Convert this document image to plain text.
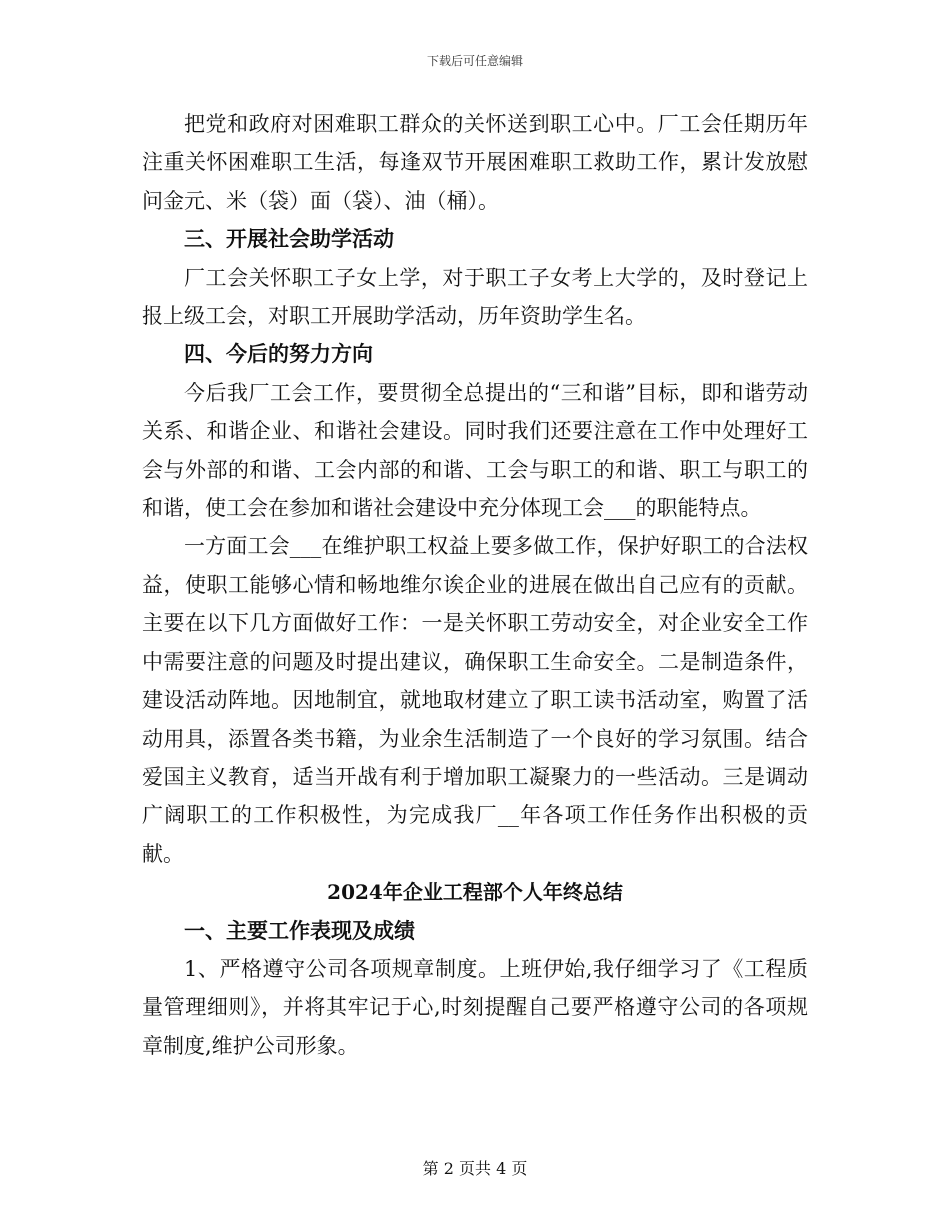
下载后可任意编辑

把党和政府对困难职工群众的关怀送到职工心中。厂工会任期历年注重关怀困难职工生活，每逢双节开展困难职工救助工作，累计发放慰问金元、米（袋）面（袋）、油（桶）。

三、开展社会助学活动

厂工会关怀职工子女上学，对于职工子女考上大学的，及时登记上报上级工会，对职工开展助学活动，历年资助学生名。

四、今后的努力方向

今后我厂工会工作，要贯彻全总提出的“三和谐”目标，即和谐劳动关系、和谐企业、和谐社会建设。同时我们还要注意在工作中处理好工会与外部的和谐、工会内部的和谐、工会与职工的和谐、职工与职工的和谐，使工会在参加和谐社会建设中充分体现工会___的职能特点。

一方面工会___在维护职工权益上要多做工作，保护好职工的合法权益，使职工能够心情和畅地维尔诶企业的进展在做出自己应有的贡献。主要在以下几方面做好工作：一是关怀职工劳动安全，对企业安全工作中需要注意的问题及时提出建议，确保职工生命安全。二是制造条件，建设活动阵地。因地制宜，就地取材建立了职工读书活动室，购置了活动用具，添置各类书籍，为业余生活制造了一个良好的学习氛围。结合爱国主义教育，适当开战有利于增加职工凝聚力的一些活动。三是调动广阔职工的工作积极性，为完成我厂__年各项工作任务作出积极的贡献。

2024年企业工程部个人年终总结
一、主要工作表现及成绩

1、严格遵守公司各项规章制度。上班伊始,我仔细学习了《工程质量管理细则》，并将其牢记于心,时刻提醒自己要严格遵守公司的各项规章制度,维护公司形象。

第 2 页共 4 页
